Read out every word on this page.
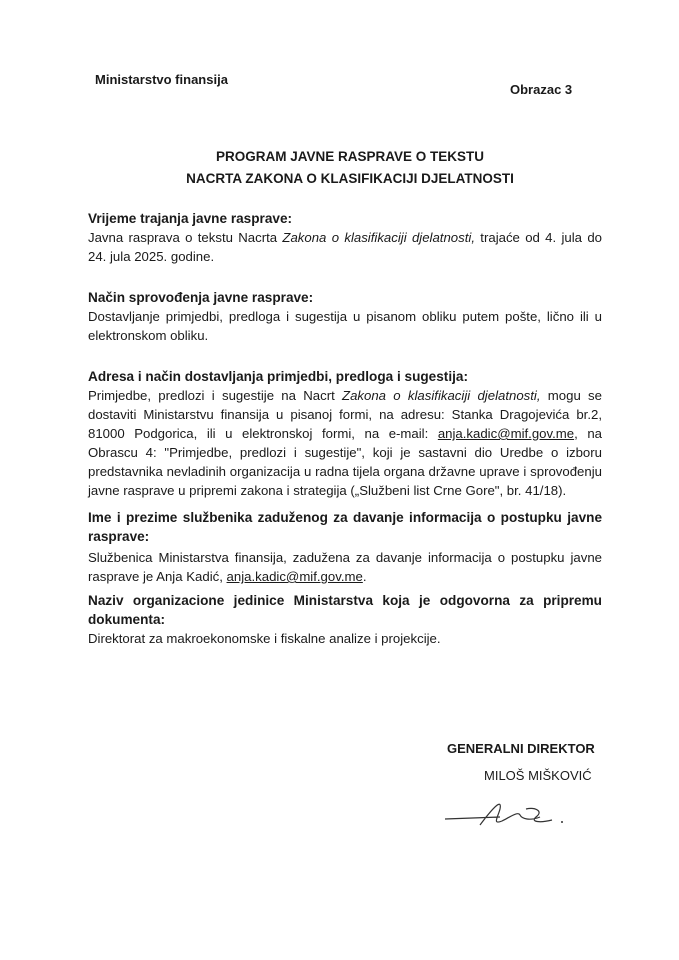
Ministarstvo finansija
Obrazac 3
PROGRAM JAVNE RASPRAVE O TEKSTU
NACRTA ZAKONA O KLASIFIKACIJI DJELATNOSTI
Vrijeme trajanja javne rasprave:

Javna rasprava o tekstu Nacrta Zakona o klasifikaciji djelatnosti, trajaće od 4. jula do 24. jula 2025. godine.

Način sprovođenja javne rasprave:

Dostavljanje primjedbi, predloga i sugestija u pisanom obliku putem pošte, lično ili u elektronskom obliku.

Adresa i način dostavljanja primjedbi, predloga i sugestija:

Primjedbe, predlozi i sugestije na Nacrt Zakona o klasifikaciji djelatnosti, mogu se dostaviti Ministarstvu finansija u pisanoj formi, na adresu: Stanka Dragojevića br.2, 81000 Podgorica, ili u elektronskoj formi, na e-mail: anja.kadic@mif.gov.me, na Obrascu 4: "Primjedbe, predlozi i sugestije", koji je sastavni dio Uredbe o izboru predstavnika nevladinih organizacija u radna tijela organa državne uprave i sprovođenju javne rasprave u pripremi zakona i strategija („Službeni list Crne Gore", br. 41/18).

Ime i prezime službenika zaduženog za davanje informacija o postupku javne rasprave:

Službenica Ministarstva finansija, zadužena za davanje informacija o postupku javne rasprave je Anja Kadić, anja.kadic@mif.gov.me.

Naziv organizacione jedinice Ministarstva koja je odgovorna za pripremu dokumenta:

Direktorat za makroekonomske i fiskalne analize i projekcije.

GENERALNI DIREKTOR
MILOŠ MIŠKOVIĆ
